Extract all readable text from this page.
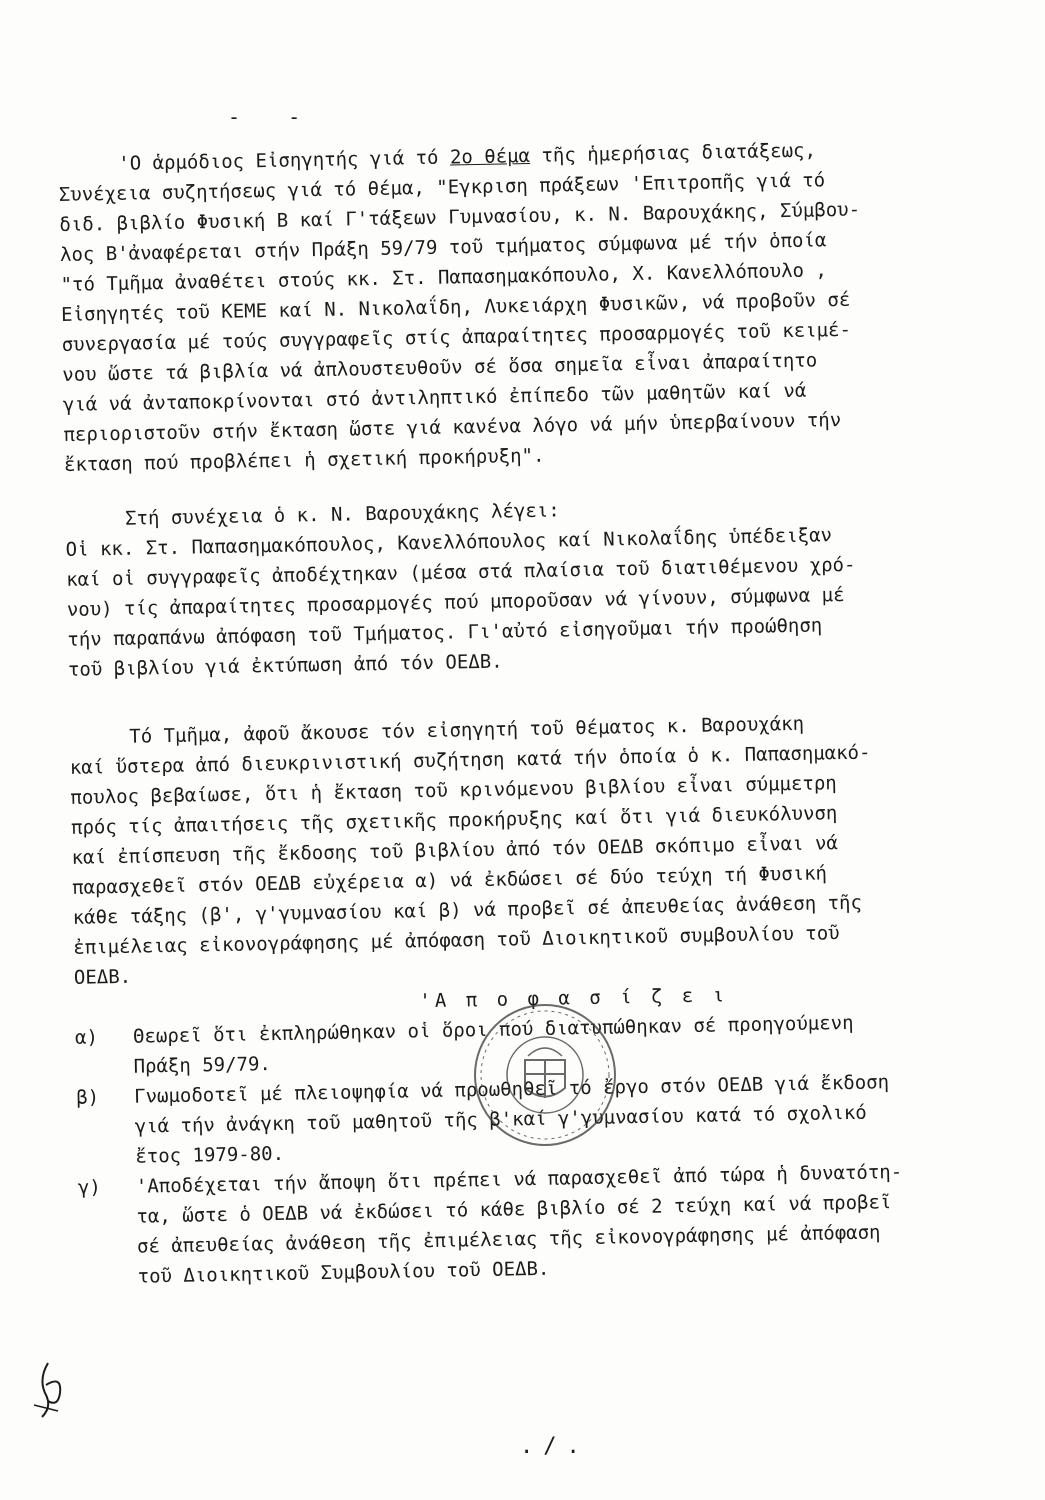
- -
'Ο ἁρμόδιος Εἰσηγητής γιά τό 2ο θέμα τῆς ἡμερήσιας διατάξεως,
Συνέχεια συζητήσεως γιά τό θέμα, "Εγκριση πράξεων 'Επιτροπῆς γιά τό
διδ. βιβλίο Φυσική Β καί Γ'τάξεων Γυμνασίου, κ. Ν. Βαρουχάκης, Σύμβου-
λος Β'ἀναφέρεται στήν Πράξη 59/79 τοῦ τμήματος σύμφωνα μέ τήν ὁποία
"τό Τμῆμα ἀναθέτει στούς κκ. Στ. Παπασημακόπουλο, Χ. Κανελλόπουλο ,
Εἰσηγητές τοῦ ΚΕΜΕ καί Ν. Νικολαΐδη, Λυκειάρχη Φυσικῶν, νά προβοῦν σέ
συνεργασία μέ τούς συγγραφεῖς στίς ἀπαραίτητες προσαρμογές τοῦ κειμέ-
νου ὥστε τά βιβλία νά ἀπλουστευθοῦν σέ ὅσα σημεῖα εἶναι ἀπαραίτητο
γιά νά ἀνταποκρίνονται στό ἀντιληπτικό ἐπίπεδο τῶν μαθητῶν καί νά
περιοριστοῦν στήν ἔκταση ὥστε γιά κανένα λόγο νά μήν ὑπερβαίνουν τήν
ἔκταση πού προβλέπει ἡ σχετική προκήρυξη".
Στή συνέχεια ὁ κ. Ν. Βαρουχάκης λέγει:
Οἱ κκ. Στ. Παπασημακόπουλος, Κανελλόπουλος καί Νικολαΐδης ὑπέδειξαν
καί οἱ συγγραφεῖς ἀποδέχτηκαν (μέσα στά πλαίσια τοῦ διατιθέμενου χρό-
νου) τίς ἀπαραίτητες προσαρμογές πού μποροῦσαν νά γίνουν, σύμφωνα μέ
τήν παραπάνω ἀπόφαση τοῦ Τμήματος. Γι'αὐτό εἰσηγοῦμαι τήν προώθηση
τοῦ βιβλίου γιά ἐκτύπωση ἀπό τόν ΟΕΔΒ.
Τό Τμῆμα, ἀφοῦ ἄκουσε τόν εἰσηγητή τοῦ θέματος κ. Βαρουχάκη
καί ὕστερα ἀπό διευκρινιστική συζήτηση κατά τήν ὁποία ὁ κ. Παπασημακό-
πουλος βεβαίωσε, ὅτι ἡ ἔκταση τοῦ κρινόμενου βιβλίου εἶναι σύμμετρη
πρός τίς ἀπαιτήσεις τῆς σχετικῆς προκήρυξης καί ὅτι γιά διευκόλυνση
καί ἐπίσπευση τῆς ἔκδοσης τοῦ βιβλίου ἀπό τόν ΟΕΔΒ σκόπιμο εἶναι νά
παρασχεθεῖ στόν ΟΕΔΒ εὐχέρεια α) νά ἐκδώσει σέ δύο τεύχη τή Φυσική
κάθε τάξης (β', γ'γυμνασίου καί β) νά προβεῖ σέ ἀπευθείας ἀνάθεση τῆς
ἐπιμέλειας εἰκονογράφησης μέ ἀπόφαση τοῦ Διοικητικοῦ συμβουλίου τοῦ
ΟΕΔΒ.
'Α π ο φ α σ ί ζ ε ι
α)	Θεωρεῖ ὅτι ἐκπληρώθηκαν οἱ ὅροι πού διατυπώθηκαν σέ προηγούμενη
Πράξη 59/79.
β)	Γνωμοδοτεῖ μέ πλειοψηφία νά προωθηθεῖ τό ἔργο στόν ΟΕΔΒ γιά ἔκδοση
γιά τήν ἀνάγκη τοῦ μαθητοῦ τῆς β'καί γ'γυμνασίου κατά τό σχολικό
ἔτος 1979-80.
γ)	'Αποδέχεται τήν ἄποψη ὅτι πρέπει νά παρασχεθεῖ ἀπό τώρα ἡ δυνατότη-
τα, ὥστε ὁ ΟΕΔΒ νά ἐκδώσει τό κάθε βιβλίο σέ 2 τεύχη καί νά προβεῖ
σέ ἀπευθείας ἀνάθεση τῆς ἐπιμέλειας τῆς εἰκονογράφησης μέ ἀπόφαση
τοῦ Διοικητικοῦ Συμβουλίου τοῦ ΟΕΔΒ.
./.
